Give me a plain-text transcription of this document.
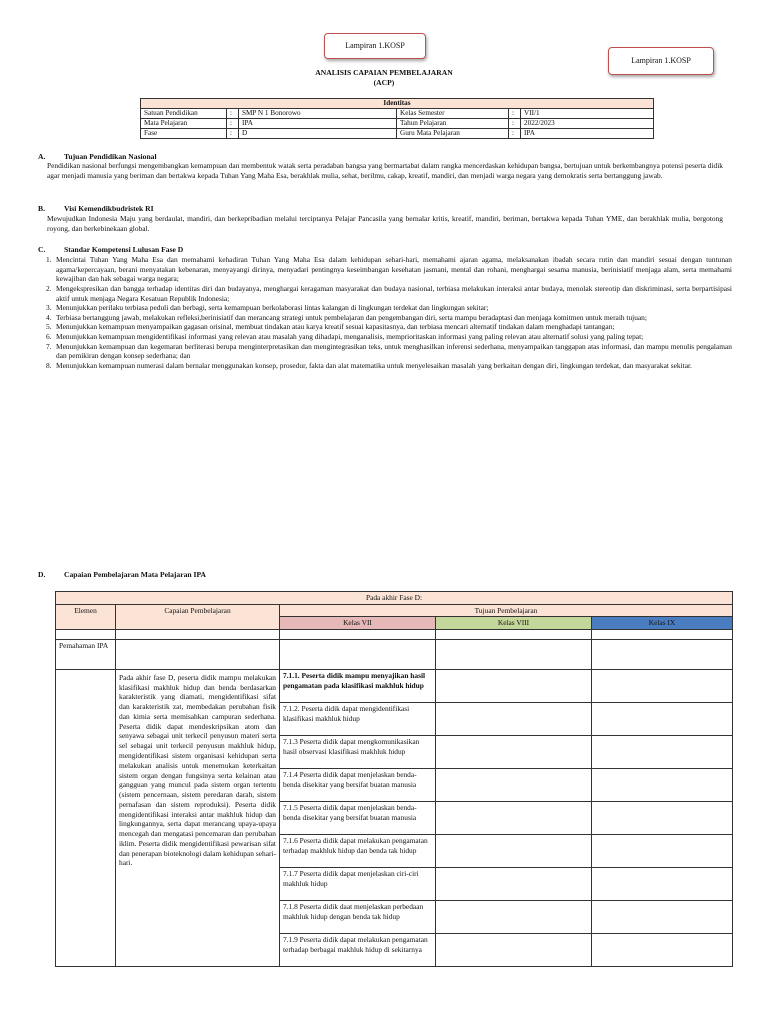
Lampiran 1.KOSP
Lampiran 1.KOSP
ANALISIS CAPAIAN PEMBELAJARAN
(ACP)
Identitas					
Satuan Pendidikan	:	SMP N 1 Bonorowo	Kelas Semester	:	VII/1
Mata Pelajaran	:	IPA	Tahun Pelajaran	:	2022/2023
Fase	:	D	Guru Mata Pelajaran	:	IPA
A. Tujuan Pendidikan Nasional
Pendidikan nasional berfungsi mengembangkan kemampuan dan membentuk watak serta peradaban bangsa yang bermartabat dalam rangka mencerdaskan kehidupan bangsa, bertujuan untuk berkembangnya potensi peserta didik agar menjadi manusia yang beriman dan bertakwa kepada Tuhan Yang Maha Esa, berakhlak mulia, sehat, berilmu, cakap, kreatif, mandiri, dan menjadi warga negara yang demokratis serta bertanggung jawab.
B.	Visi Kemendikbudristek RI
Mewujudkan Indonesia Maju yang berdaulat, mandiri, dan berkepribadian melalui terciptanya Pelajar Pancasila yang bernalar kritis, kreatif, mandiri, beriman, bertakwa kepada Tuhan YME, dan berakhlak mulia, bergotong royong, dan berkebinekaan global.
C. Standar Kompetensi Lulusan Fase D
1. Mencintai Tuhan Yang Maha Esa dan memahami kehadiran Tuhan Yang Maha Esa dalam kehidupan sehari-hari, memahami ajaran agama, melaksanakan ibadah secara rutin dan mandiri sesuai dengan tuntunan agama/kepercayaan, berani menyatakan kebenaran, menyayangi dirinya, menyadari pentingnya keseimbangan kesehatan jasmani, mental dan rohani, menghargai sesama manusia, berinisiatif menjaga alam, serta memahami kewajiban dan hak sebagai warga negara;
2. Mengekspresikan dan bangga terhadap identitas diri dan budayanya, menghargai keragaman masyarakat dan budaya nasional, terbiasa melakukan interaksi antar budaya, menolak stereotip dan diskriminasi, serta berpartisipasi aktif untuk menjaga Negara Kesatuan Republik Indonesia;
3. Menunjukkan perilaku terbiasa peduli dan berbagi, serta kemampuan berkolaborasi lintas kalangan di lingkungan terdekat dan lingkungan sekitar;
4. Terbiasa bertanggung jawab, melakukan refleksi,berinisiatif dan merancang strategi untuk pembelajaran dan pengembangan diri, serta mampu beradaptasi dan menjaga komitmen untuk meraih tujuan;
5. Menunjukkan kemampuan menyampaikan gagasan orisinal, membuat tindakan atau karya kreatif sesuai kapasitasnya, dan terbiasa mencari alternatif tindakan dalam menghadapi tantangan;
6. Menunjukkan kemampuan mengidentifikasi informasi yang relevan atau masalah yang dihadapi, menganalisis, memprioritaskan informasi yang paling relevan atau alternatif solusi yang paling tepat;
7. Menunjukkan kemampuan dan kegemaran berliterasi berupa menginterpretasikan dan mengintegrasikan teks, untuk menghasilkan inferensi sederhana, menyampaikan tanggapan atas informasi, dan mampu menulis pengalaman dan pemikiran dengan konsep sederhana; dan
8. Menunjukkan kemampuan numerasi dalam bernalar menggunakan konsep, prosedur, fakta dan alat matematika untuk menyelesaikan masalah yang berkaitan dengan diri, lingkungan terdekat, dan masyarakat sekitar.
D. Capaian Pembelajaran Mata Pelajaran IPA
Pada akhir Fase D:				
Elemen	Capaian Pembelajaran	Tujuan Pembelajaran		
		Kelas VII	Kelas VIII	Kelas IX

Pemahaman IPA				
	Pada akhir fase D, peserta didik mampu melakukan klasifikasi makhluk hidup dan benda berdasarkan karakteristik yang diamati, mengidentifikasi sifat dan karakteristik zat, membedakan perubahan fisik dan kimia serta memisahkan campuran sederhana. Peserta didik dapat mendeskripsikan atom dan senyawa sebagai unit terkecil penyusun materi serta sel sebagai unit terkecil penyusun makhluk hidup, mengidentifikasi sistem organisasi kehidupan serta melakukan analisis untuk menemukan keterkaitan sistem organ dengan fungsinya serta kelainan atau gangguan yang muncul pada sistem organ tertentu (sistem pencernaan, sistem peredaran darah, sistem pernafasan dan sistem reproduksi). Peserta didik mengidentifikasi interaksi antar makhluk hidup dan lingkungannya, serta dapat merancang upaya-upaya mencegah dan mengatasi pencemaran dan perubahan iklim. Peserta didik mengidentifikasi pewarisan sifat dan penerapan bioteknologi dalam kehidupan sehari-hari.	7.1.1. Peserta didik mampu menyajikan hasil pengamatan pada klasifikasi makhluk hidup		
		7.1.2. Peserta didik dapat mengidentifikasi klasifikasi makhluk hidup		
		7.1.3 Peserta didik dapat mengkomunikasikan hasil observasi klasifikasi makhluk hidup		
		7.1.4 Peserta didik dapat menjelaskan benda-benda disekitar yang bersifat buatan manusia		
		7.1.5 Peserta didik dapat menjelaskan benda-benda disekitar yang bersifat buatan manusia		
		7.1.6 Peserta didik dapat melakukan pengamatan terhadap makhluk hidup dan benda tak hidup		
		7.1.7 Peserta didik dapat menjelaskan ciri-ciri makhluk hidup		
		7.1.8 Peserta didik daat menjelaskan perbedaan makhluk hidup dengan benda tak hidup		
		7.1.9 Peserta didik dapat melakukan pengamatan terhadap berbagai makhluk hidup di sekitarnya		
